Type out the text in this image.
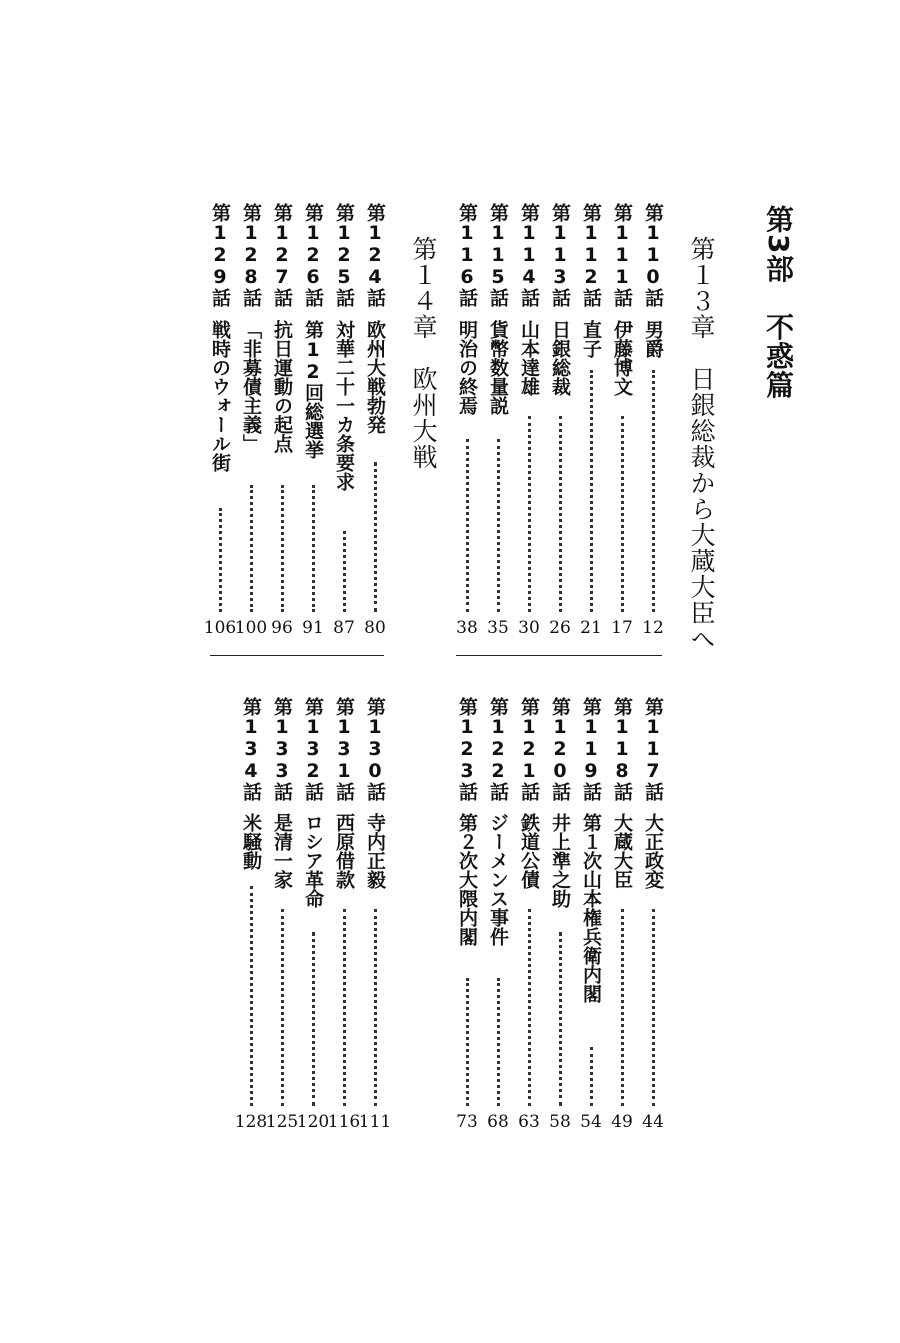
第3部　不惑篇
第１３章　日銀総裁から大蔵大臣へ
第１４章　欧州大戦	第110話
男爵
12
第111話
伊藤博文
17
第112話
直子
21
第113話
日銀総裁
26
第114話
山本達雄
30
第115話
貨幣数量説
35
第116話
明治の終焉
38
第117話
大正政変
44
第118話
大蔵大臣
49
第119話
第１次山本権兵衛内閣
54
第120話
井上準之助
58
第121話
鉄道公債
63
第122話
ジーメンス事件
68
第123話
第２次大隈内閣
73
第124話
欧州大戦勃発
80
第125話
対華二十一カ条要求
87
第126話
第12回総選挙
91
第127話
抗日運動の起点
96
第128話
「非募債主義」
100
第129話
戦時のウォール街
106
第130話
寺内正毅
111
第131話
西原借款
116
第132話
ロシア革命
120
第133話
是清一家
125
第134話
米騒動
128
